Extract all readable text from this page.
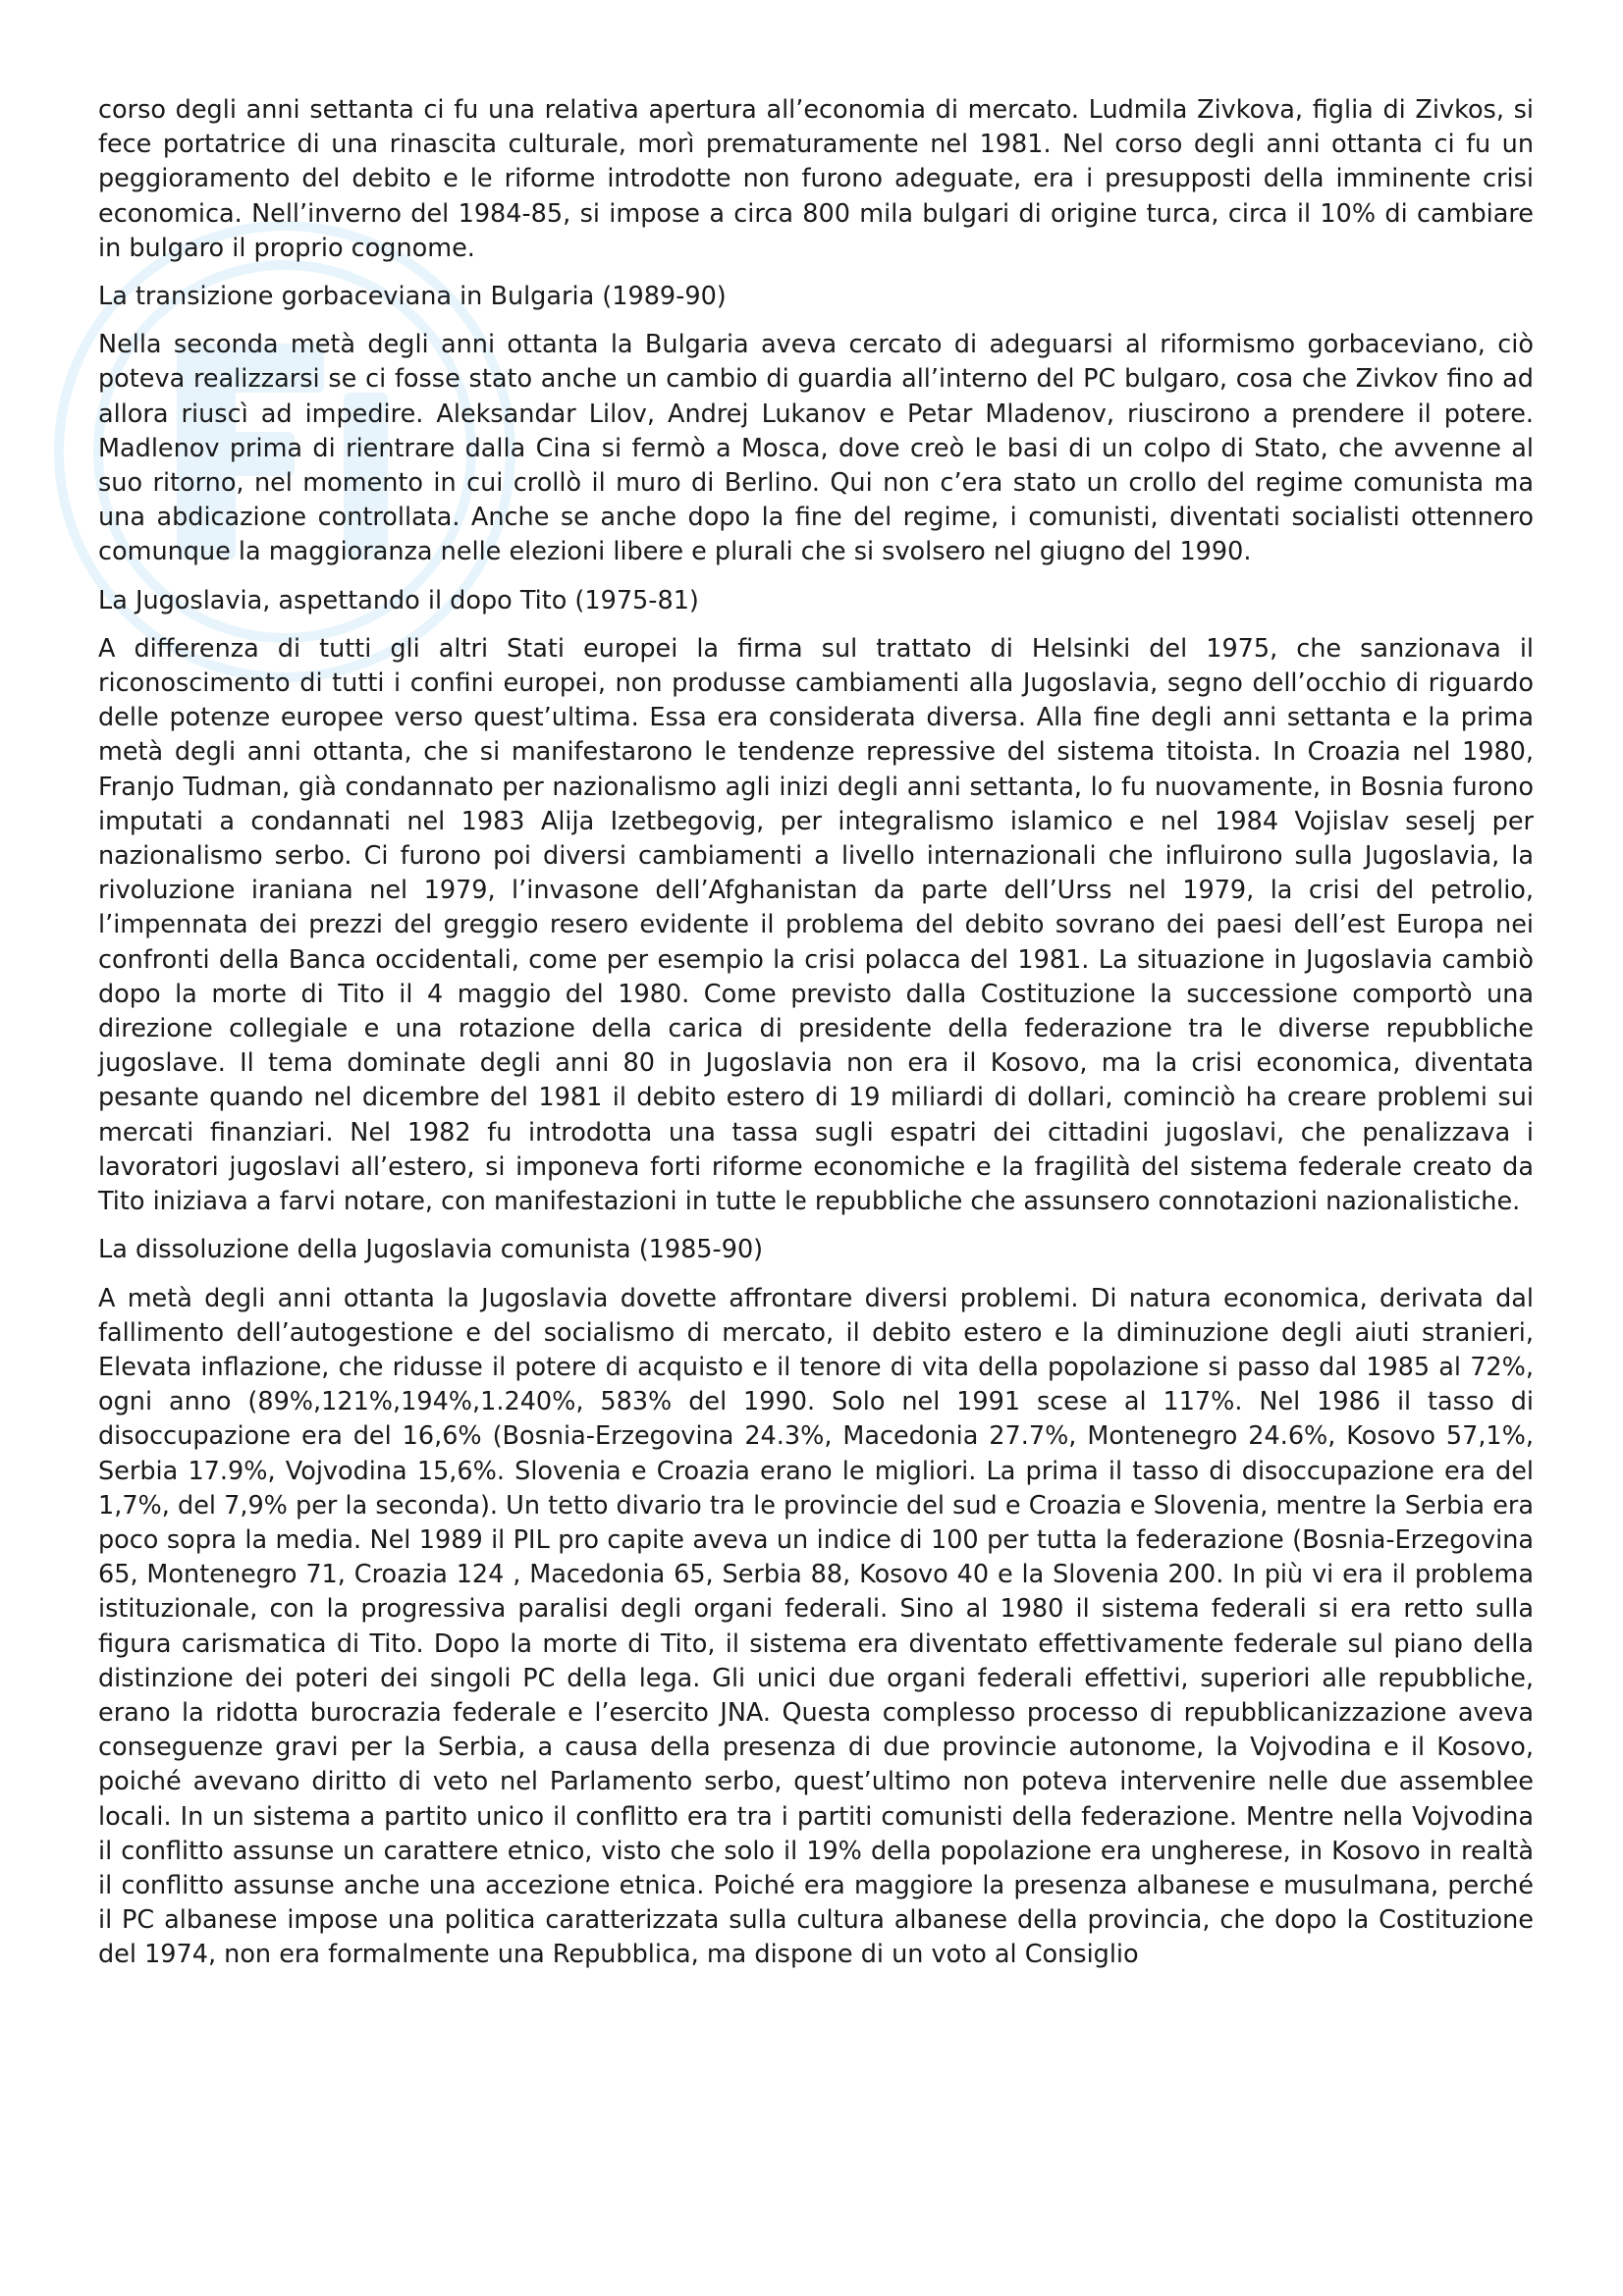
corso degli anni settanta ci fu una relativa apertura all’economia di mercato. Ludmila Zivkova, figlia di Zivkos, si fece portatrice di una rinascita culturale, morì prematuramente nel 1981. Nel corso degli anni ottanta ci fu un peggioramento del debito e le riforme introdotte non furono adeguate, era i presupposti della imminente crisi economica. Nell’inverno del 1984-85, si impose a circa 800 mila bulgari di origine turca, circa il 10% di cambiare in bulgaro il proprio cognome.

La transizione gorbaceviana in Bulgaria (1989-90)

Nella seconda metà degli anni ottanta la Bulgaria aveva cercato di adeguarsi al riformismo gorbaceviano, ciò poteva realizzarsi se ci fosse stato anche un cambio di guardia all’interno del PC bulgaro, cosa che Zivkov fino ad allora riuscì ad impedire. Aleksandar Lilov, Andrej Lukanov e Petar Mladenov, riuscirono a prendere il potere. Madlenov prima di rientrare dalla Cina si fermò a Mosca, dove creò le basi di un colpo di Stato, che avvenne al suo ritorno, nel momento in cui crollò il muro di Berlino. Qui non c’era stato un crollo del regime comunista ma una abdicazione controllata. Anche se anche dopo la fine del regime, i comunisti, diventati socialisti ottennero comunque la maggioranza nelle elezioni libere e plurali che si svolsero nel giugno del 1990.

La Jugoslavia, aspettando il dopo Tito (1975-81)

A differenza di tutti gli altri Stati europei la firma sul trattato di Helsinki del 1975, che sanzionava il riconoscimento di tutti i confini europei, non produsse cambiamenti alla Jugoslavia, segno dell’occhio di riguardo delle potenze europee verso quest’ultima. Essa era considerata diversa. Alla fine degli anni settanta e la prima metà degli anni ottanta, che si manifestarono le tendenze repressive del sistema titoista. In Croazia nel 1980, Franjo Tudman, già condannato per nazionalismo agli inizi degli anni settanta, lo fu nuovamente, in Bosnia furono imputati a condannati nel 1983 Alija Izetbegovig, per integralismo islamico e nel 1984 Vojislav seselj per nazionalismo serbo. Ci furono poi diversi cambiamenti a livello internazionali che influirono sulla Jugoslavia, la rivoluzione iraniana nel 1979, l’invasone dell’Afghanistan da parte dell’Urss nel 1979, la crisi del petrolio, l’impennata dei prezzi del greggio resero evidente il problema del debito sovrano dei paesi dell’est Europa nei confronti della Banca occidentali, come per esempio la crisi polacca del 1981. La situazione in Jugoslavia cambiò dopo la morte di Tito il 4 maggio del 1980. Come previsto dalla Costituzione la successione comportò una direzione collegiale e una rotazione della carica di presidente della federazione tra le diverse repubbliche jugoslave. Il tema dominate degli anni 80 in Jugoslavia non era il Kosovo, ma la crisi economica, diventata pesante quando nel dicembre del 1981 il debito estero di 19 miliardi di dollari, cominciò ha creare problemi sui mercati finanziari. Nel 1982 fu introdotta una tassa sugli espatri dei cittadini jugoslavi, che penalizzava i lavoratori jugoslavi all’estero, si imponeva forti riforme economiche e la fragilità del sistema federale creato da Tito iniziava a farvi notare, con manifestazioni in tutte le repubbliche che assunsero connotazioni nazionalistiche.

La dissoluzione della Jugoslavia comunista (1985-90)

A metà degli anni ottanta la Jugoslavia dovette affrontare diversi problemi. Di natura economica, derivata dal fallimento dell’autogestione e del socialismo di mercato, il debito estero e la diminuzione degli aiuti stranieri, Elevata inflazione, che ridusse il potere di acquisto e il tenore di vita della popolazione si passo dal 1985 al 72%, ogni anno (89%,121%,194%,1.240%, 583% del 1990. Solo nel 1991 scese al 117%. Nel 1986 il tasso di disoccupazione era del 16,6% (Bosnia-Erzegovina 24.3%, Macedonia 27.7%, Montenegro 24.6%, Kosovo 57,1%, Serbia 17.9%, Vojvodina 15,6%. Slovenia e Croazia erano le migliori. La prima il tasso di disoccupazione era del 1,7%, del 7,9% per la seconda). Un tetto divario tra le provincie del sud e Croazia e Slovenia, mentre la Serbia era poco sopra la media. Nel 1989 il PIL pro capite aveva un indice di 100 per tutta la federazione (Bosnia-Erzegovina 65, Montenegro 71, Croazia 124 , Macedonia 65, Serbia 88, Kosovo 40 e la Slovenia 200. In più vi era il problema istituzionale, con la progressiva paralisi degli organi federali. Sino al 1980 il sistema federali si era retto sulla figura carismatica di Tito. Dopo la morte di Tito, il sistema era diventato effettivamente federale sul piano della distinzione dei poteri dei singoli PC della lega. Gli unici due organi federali effettivi, superiori alle repubbliche, erano la ridotta burocrazia federale e l’esercito JNA. Questa complesso processo di repubblicanizzazione aveva conseguenze gravi per la Serbia, a causa della presenza di due provincie autonome, la Vojvodina e il Kosovo, poiché avevano diritto di veto nel Parlamento serbo, quest’ultimo non poteva intervenire nelle due assemblee locali. In un sistema a partito unico il conflitto era tra i partiti comunisti della federazione. Mentre nella Vojvodina il conflitto assunse un carattere etnico, visto che solo il 19% della popolazione era ungherese, in Kosovo in realtà il conflitto assunse anche una accezione etnica. Poiché era maggiore la presenza albanese e musulmana, perché il PC albanese impose una politica caratterizzata sulla cultura albanese della provincia, che dopo la Costituzione del 1974, non era formalmente una Repubblica, ma dispone di un voto al Consiglio
